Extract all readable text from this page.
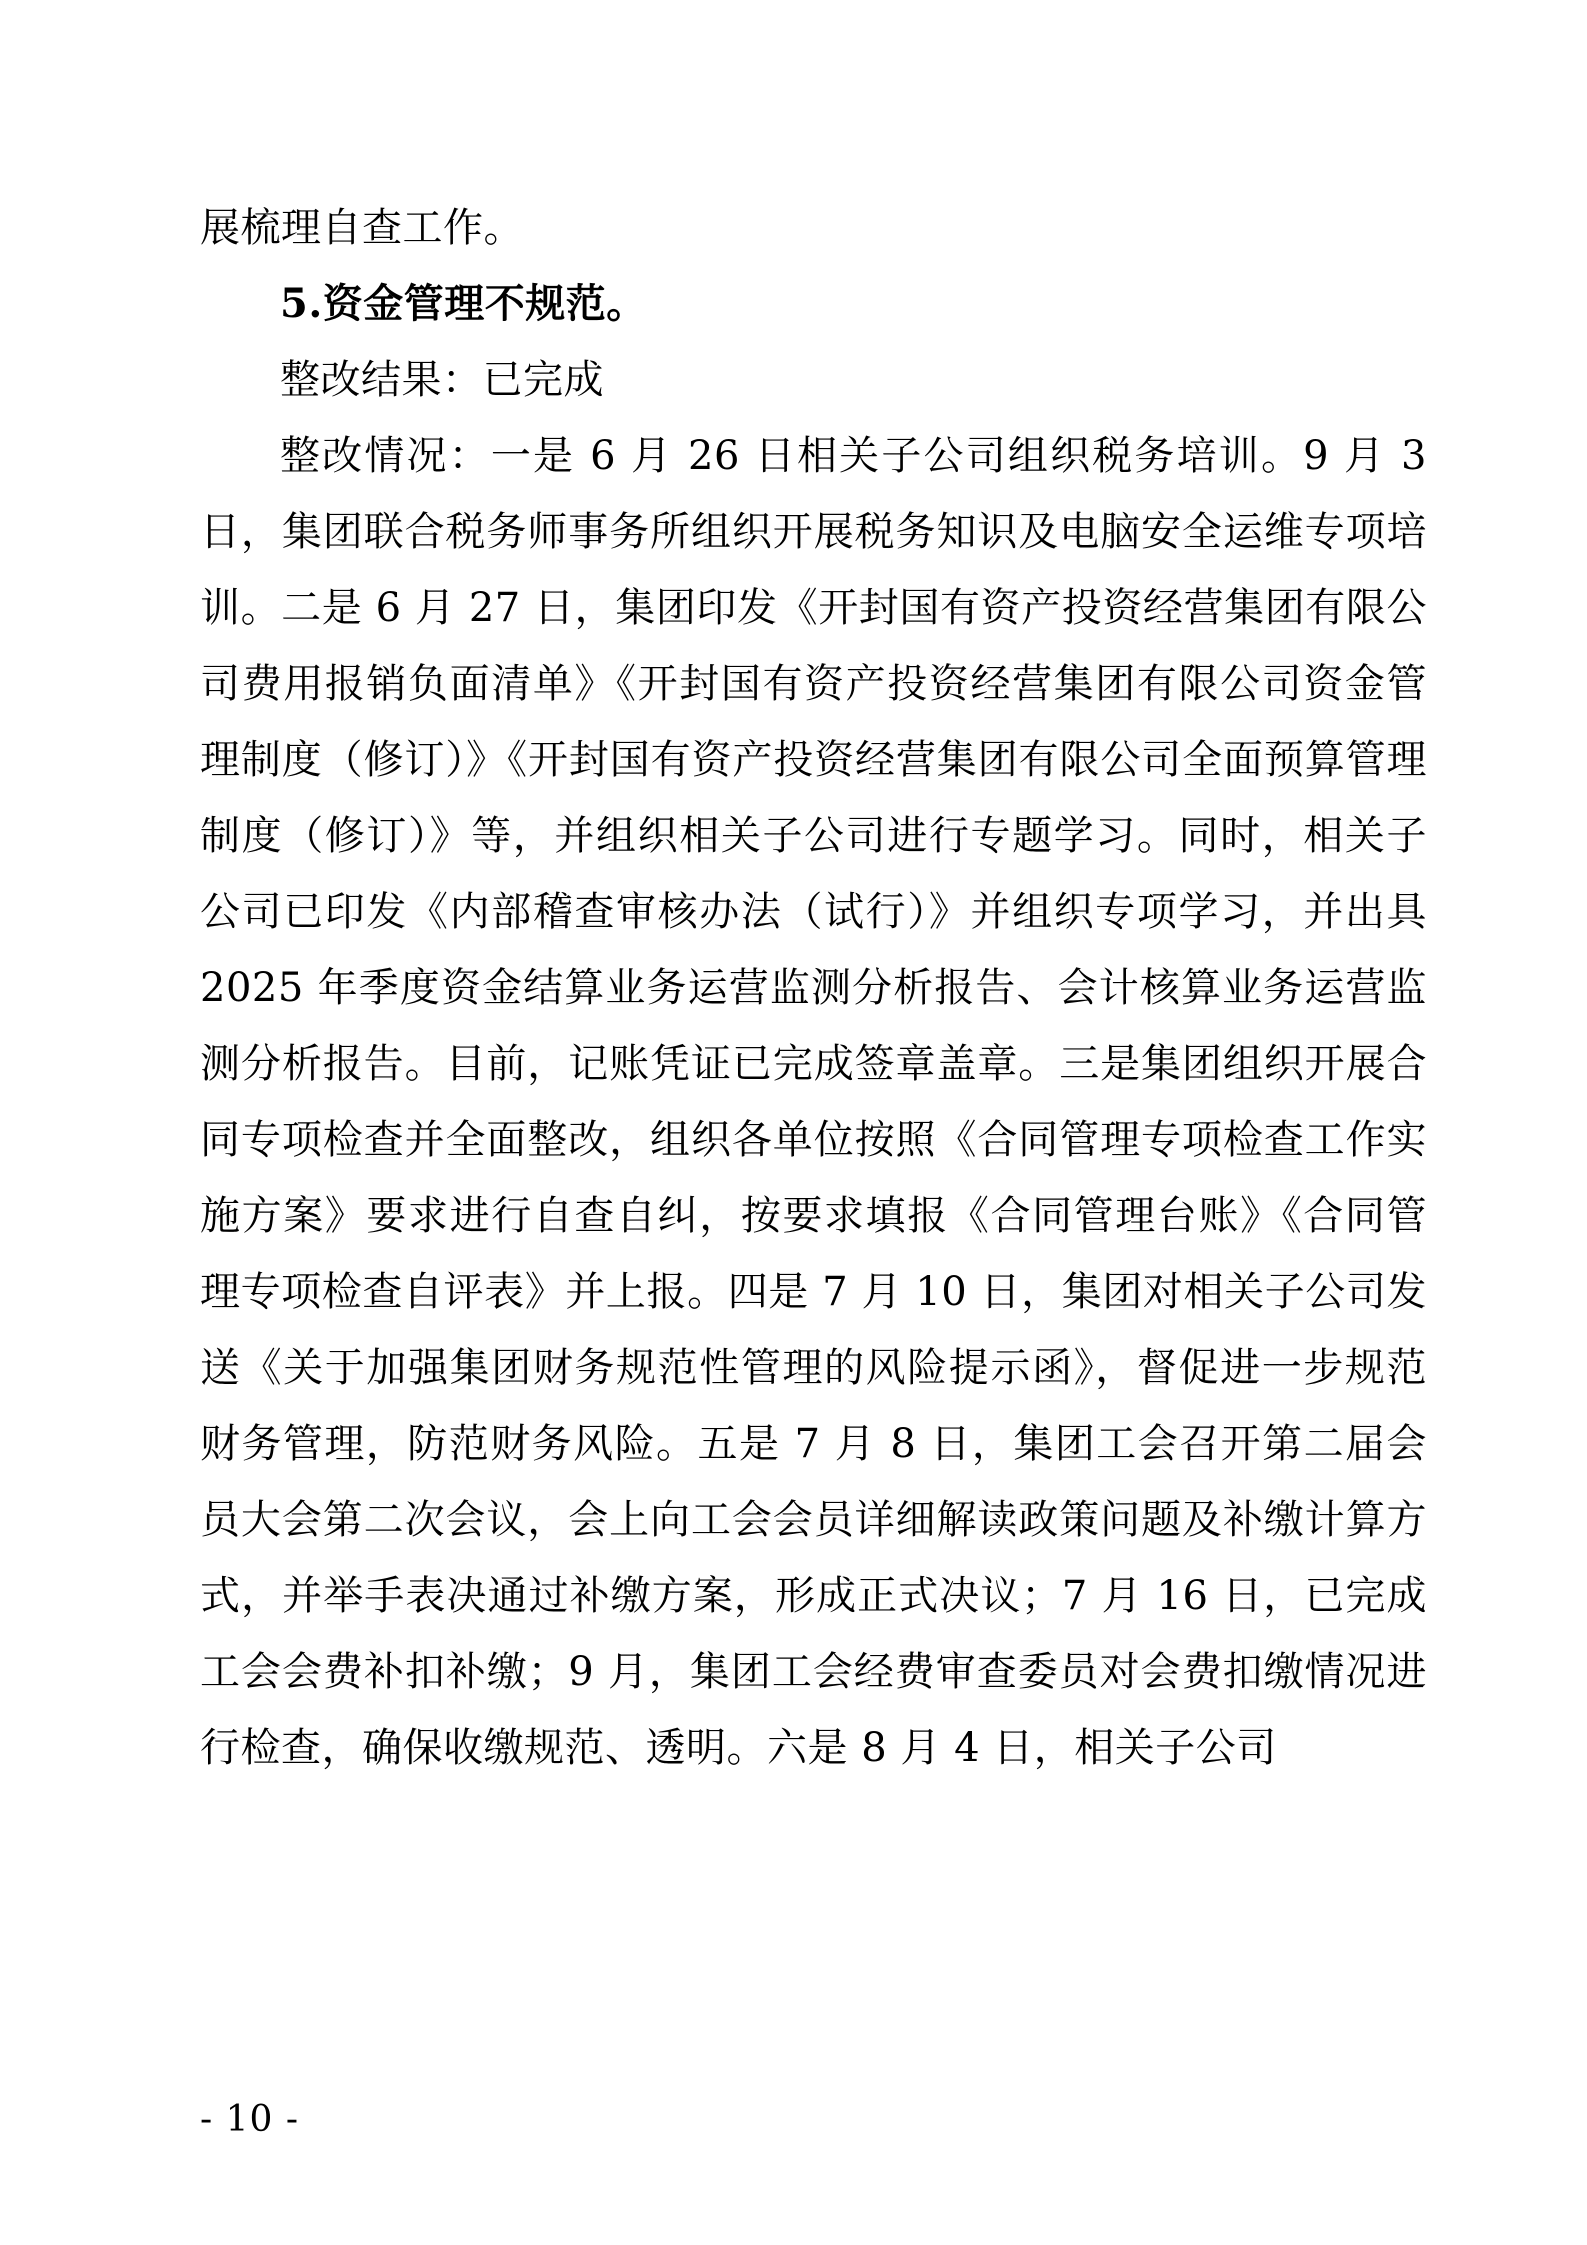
展梳理自查工作。

5.资金管理不规范。

整改结果：已完成

整改情况：一是 6 月 26 日相关子公司组织税务培训。9 月 3 日，集团联合税务师事务所组织开展税务知识及电脑安全运维专项培训。二是 6 月 27 日，集团印发《开封国有资产投资经营集团有限公司费用报销负面清单》《开封国有资产投资经营集团有限公司资金管理制度（修订）》《开封国有资产投资经营集团有限公司全面预算管理制度（修订）》等，并组织相关子公司进行专题学习。同时，相关子公司已印发《内部稽查审核办法（试行）》并组织专项学习，并出具 2025 年季度资金结算业务运营监测分析报告、会计核算业务运营监测分析报告。目前，记账凭证已完成签章盖章。三是集团组织开展合同专项检查并全面整改，组织各单位按照《合同管理专项检查工作实施方案》要求进行自查自纠，按要求填报《合同管理台账》《合同管理专项检查自评表》并上报。四是 7 月 10 日，集团对相关子公司发送《关于加强集团财务规范性管理的风险提示函》，督促进一步规范财务管理，防范财务风险。五是 7 月 8 日，集团工会召开第二届会员大会第二次会议，会上向工会会员详细解读政策问题及补缴计算方式，并举手表决通过补缴方案，形成正式决议；7 月 16 日，已完成工会会费补扣补缴；9 月，集团工会经费审查委员对会费扣缴情况进行检查，确保收缴规范、透明。六是 8 月 4 日，相关子公司

- 10 -
